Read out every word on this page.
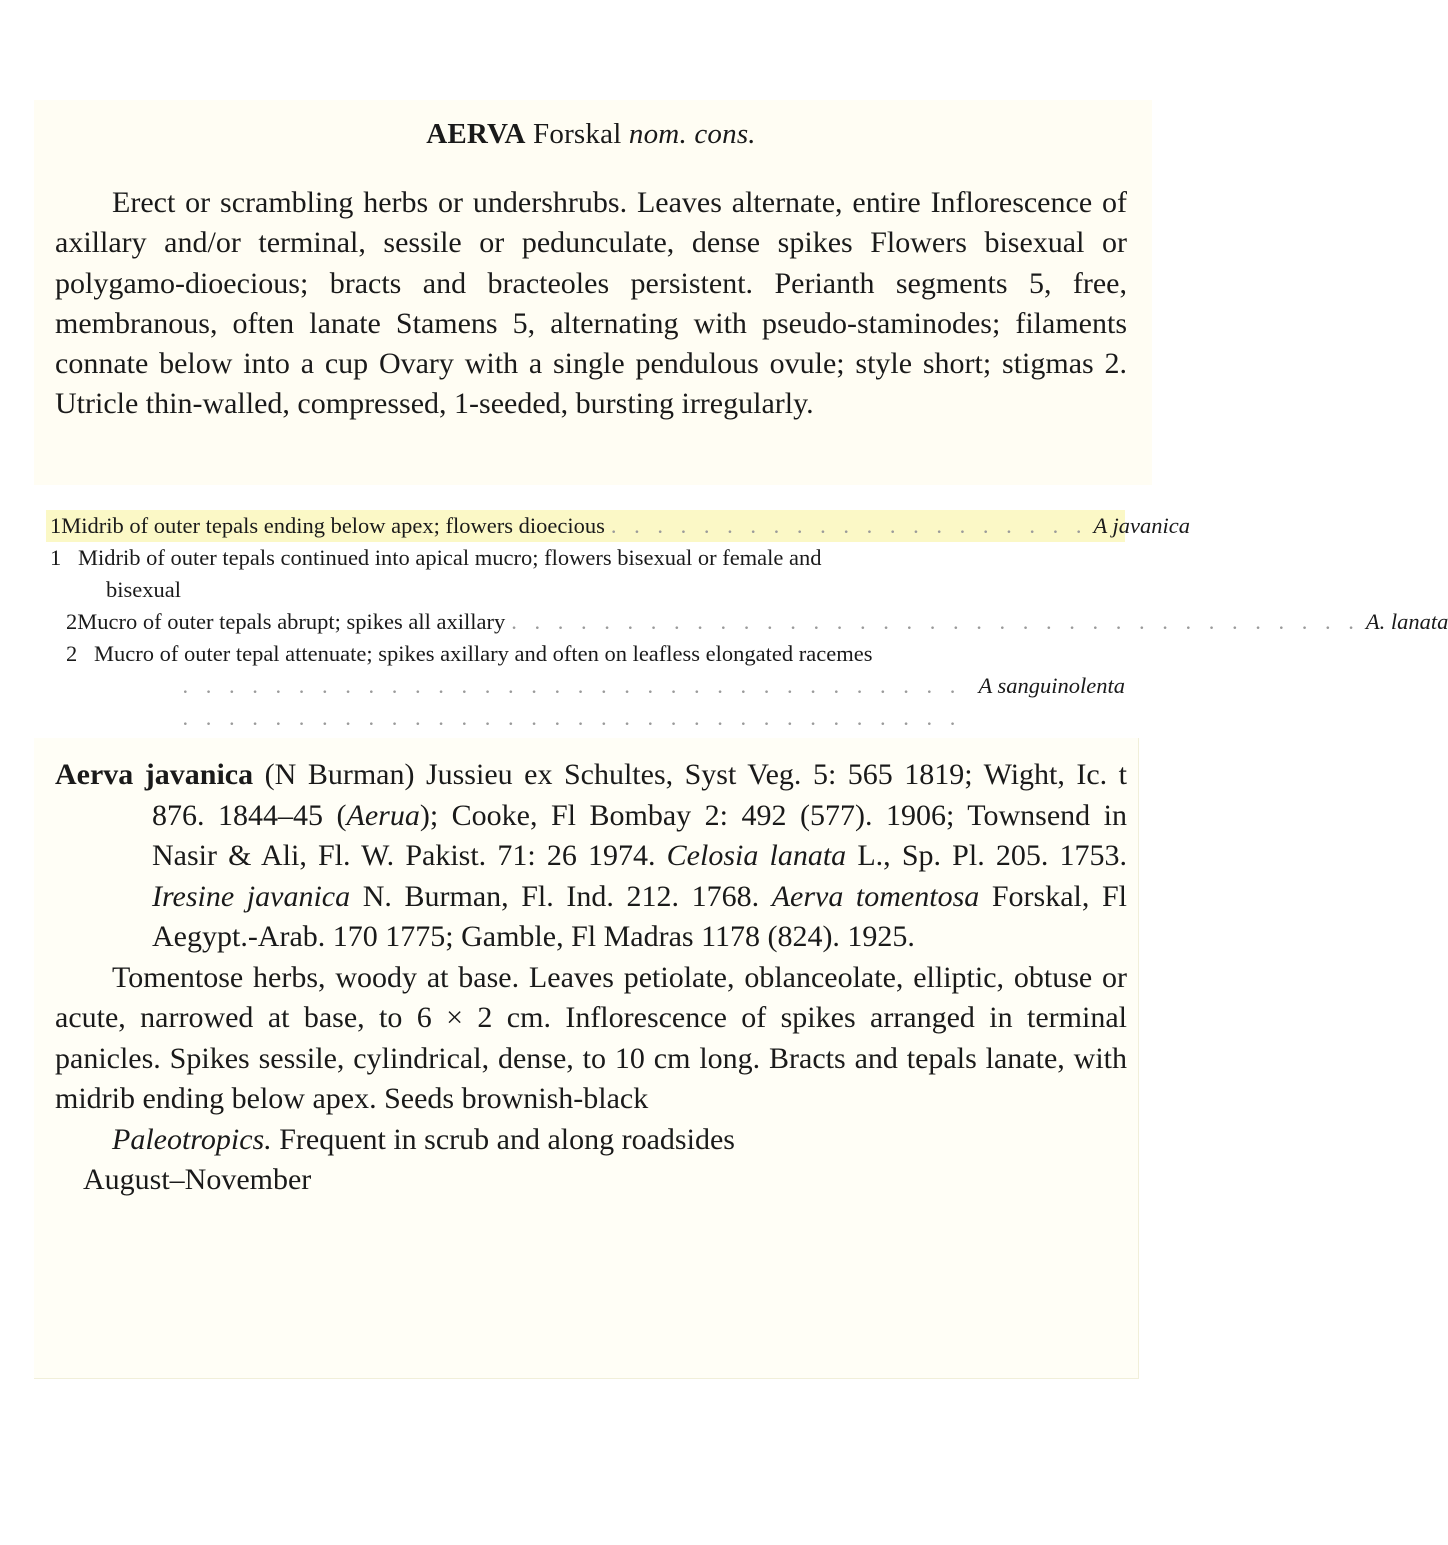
AERVA Forskal nom. cons.

Erect or scrambling herbs or undershrubs. Leaves alternate, entire Inflorescence of axillary and/or terminal, sessile or pedunculate, dense spikes Flowers bisexual or polygamo-dioecious; bracts and bracteoles persistent. Perianth segments 5, free, membranous, often lanate Stamens 5, alternating with pseudo-staminodes; filaments connate below into a cup Ovary with a single pendulous ovule; style short; stigmas 2. Utricle thin-walled, compressed, 1-seeded, bursting irregularly.

1 Midrib of outer tepals ending below apex; flowers dioecious . . . . . . . . . . . . . . . . . . . . . A javanica
1 Midrib of outer tepals continued into apical mucro; flowers bisexual or female and
bisexual
2 Mucro of outer tepals abrupt; spikes all axillary . . . . . . . . . . . . . . . . . . . . . . . . . . . . . . . . . . . . . A. lanata
2 Mucro of outer tepal attenuate; spikes axillary and often on leafless elongated racemes
. . . . . . . . . . . . . . . . . . . . . . . . . . . . . . . . . . . . . . . . . . . . . . . . . . . . . . . . . . . . . . . . . . . .
A sanguinolenta

Aerva javanica (N Burman) Jussieu ex Schultes, Syst Veg. 5: 565 1819; Wight, Ic. t 876. 1844–45 (Aerua); Cooke, Fl Bombay 2: 492 (577). 1906; Townsend in Nasir & Ali, Fl. W. Pakist. 71: 26 1974. Celosia lanata L., Sp. Pl. 205. 1753. Iresine javanica N. Burman, Fl. Ind. 212. 1768. Aerva tomentosa Forskal, Fl Aegypt.-Arab. 170 1775; Gamble, Fl Madras 1178 (824). 1925.

Tomentose herbs, woody at base. Leaves petiolate, oblanceolate, elliptic, obtuse or acute, narrowed at base, to 6 × 2 cm. Inflorescence of spikes arranged in terminal panicles. Spikes sessile, cylindrical, dense, to 10 cm long. Bracts and tepals lanate, with midrib ending below apex. Seeds brownish-black

Paleotropics. Frequent in scrub and along roadsides

August–November
